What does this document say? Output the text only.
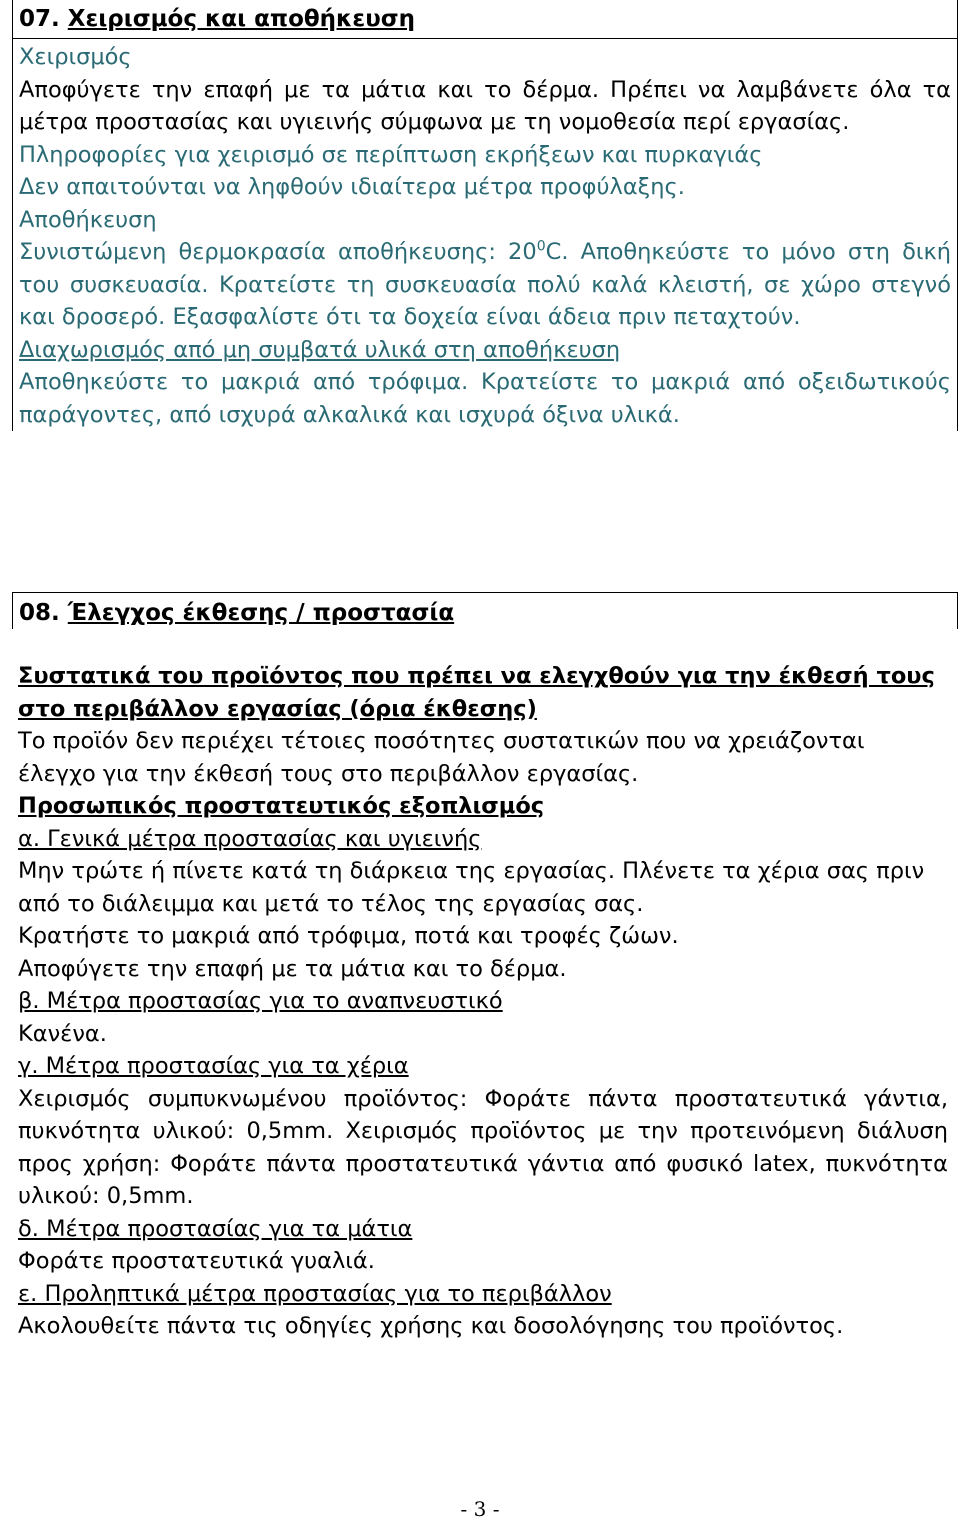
07. Χειρισμός και αποθήκευση

Χειρισμός

Αποφύγετε την επαφή με τα μάτια και το δέρμα. Πρέπει να λαμβάνετε όλα τα μέτρα προστασίας και υγιεινής σύμφωνα με τη νομοθεσία περί εργασίας.

Πληροφορίες για χειρισμό σε περίπτωση εκρήξεων και πυρκαγιάς

Δεν απαιτούνται να ληφθούν ιδιαίτερα μέτρα προφύλαξης.

Αποθήκευση

Συνιστώμενη θερμοκρασία αποθήκευσης: $20^0C$. Αποθηκεύστε το μόνο στη δική του συσκευασία. Κρατείστε τη συσκευασία πολύ καλά κλειστή, σε χώρο στεγνό και δροσερό. Εξασφαλίστε ότι τα δοχεία είναι άδεια πριν πεταχτούν.

Διαχωρισμός από μη συμβατά υλικά στη αποθήκευση

Αποθηκεύστε το μακριά από τρόφιμα. Κρατείστε το μακριά από οξειδωτικούς παράγοντες, από ισχυρά αλκαλικά και ισχυρά όξινα υλικά.

08. Έλεγχος έκθεσης / προστασία

Συστατικά του προϊόντος που πρέπει να ελεγχθούν για την έκθεσή τους στο περιβάλλον εργασίας (όρια έκθεσης)

Το προϊόν δεν περιέχει τέτοιες ποσότητες συστατικών που να χρειάζονται έλεγχο για την έκθεσή τους στο περιβάλλον εργασίας.

Προσωπικός προστατευτικός εξοπλισμός

α. Γενικά μέτρα προστασίας και υγιεινής

Μην τρώτε ή πίνετε κατά τη διάρκεια της εργασίας. Πλένετε τα χέρια σας πριν από το διάλειμμα και μετά το τέλος της εργασίας σας.

Κρατήστε το μακριά από τρόφιμα, ποτά και τροφές ζώων.

Αποφύγετε την επαφή με τα μάτια και το δέρμα.

β. Μέτρα προστασίας για το αναπνευστικό

Κανένα.

γ. Μέτρα προστασίας για τα χέρια

Χειρισμός συμπυκνωμένου προϊόντος: Φοράτε πάντα προστατευτικά γάντια, πυκνότητα υλικού: 0,5mm. Χειρισμός προϊόντος με την προτεινόμενη διάλυση προς χρήση: Φοράτε πάντα προστατευτικά γάντια από φυσικό latex, πυκνότητα υλικού: 0,5mm.

δ. Μέτρα προστασίας για τα μάτια

Φοράτε προστατευτικά γυαλιά.

ε. Προληπτικά μέτρα προστασίας για το περιβάλλον

Ακολουθείτε πάντα τις οδηγίες χρήσης και δοσολόγησης του προϊόντος.

- 3 -
